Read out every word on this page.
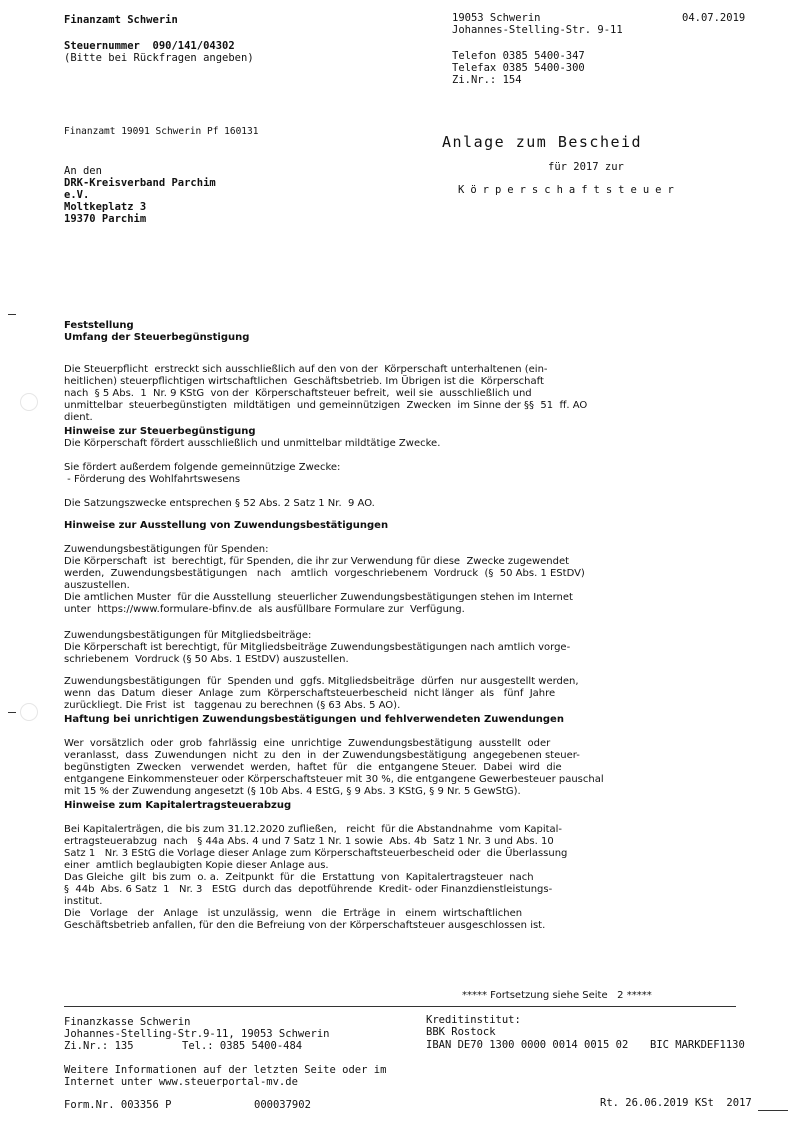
Finanzamt Schwerin
Steuernummer  090/141/04302
(Bitte bei Rückfragen angeben)
19053 Schwerin
Johannes-Stelling-Str. 9-11
04.07.2019
Telefon 0385 5400-347
Telefax 0385 5400-300
Zi.Nr.: 154
Finanzamt 19091 Schwerin Pf 160131
Anlage zum Bescheid
für 2017 zur
Körperschaftsteuer
An den
DRK-Kreisverband Parchim
e.V.
Moltkeplatz 3
19370 Parchim
Feststellung
Umfang der Steuerbegünstigung

Die Steuerpflicht  erstreckt sich ausschließlich auf den von der  Körperschaft unterhaltenen (ein-
heitlichen) steuerpflichtigen wirtschaftlichen  Geschäftsbetrieb. Im Übrigen ist die  Körperschaft
nach  § 5 Abs.  1  Nr. 9 KStG  von der  Körperschaftsteuer befreit,  weil sie  ausschließlich und
unmittelbar  steuerbegünstigten  mildtätigen  und gemeinnützigen  Zwecken  im Sinne der §§  51  ff. AO
dient.

Hinweise zur Steuerbegünstigung
Die Körperschaft fördert ausschließlich und unmittelbar mildtätige Zwecke.
Sie fördert außerdem folgende gemeinnützige Zwecke:
- Förderung des Wohlfahrtswesens
Die Satzungszwecke entsprechen § 52 Abs. 2 Satz 1 Nr.  9 AO.
Hinweise zur Ausstellung von Zuwendungsbestätigungen

Zuwendungsbestätigungen für Spenden:
Die Körperschaft  ist  berechtigt, für Spenden, die ihr zur Verwendung für diese  Zwecke zugewendet
werden,  Zuwendungsbestätigungen   nach   amtlich  vorgeschriebenem  Vordruck  (§  50 Abs. 1 EStDV)
auszustellen.
Die amtlichen Muster  für die Ausstellung  steuerlicher Zuwendungsbestätigungen stehen im Internet
unter  https://www.formulare-bfinv.de  als ausfüllbare Formulare zur  Verfügung.

Zuwendungsbestätigungen für Mitgliedsbeiträge:
Die Körperschaft ist berechtigt, für Mitgliedsbeiträge Zuwendungsbestätigungen nach amtlich vorge-
schriebenem  Vordruck (§ 50 Abs. 1 EStDV) auszustellen.

Zuwendungsbestätigungen  für  Spenden und  ggfs. Mitgliedsbeiträge  dürfen  nur ausgestellt werden,
wenn  das  Datum  dieser  Anlage  zum  Körperschaftsteuerbescheid  nicht länger  als   fünf  Jahre
zurückliegt. Die Frist  ist   taggenau zu berechnen (§ 63 Abs. 5 AO).

Haftung bei unrichtigen Zuwendungsbestätigungen und fehlverwendeten Zuwendungen

Wer  vorsätzlich  oder  grob  fahrlässig  eine  unrichtige  Zuwendungsbestätigung  ausstellt  oder
veranlasst,  dass  Zuwendungen  nicht  zu  den  in  der Zuwendungsbestätigung  angegebenen steuer-
begünstigten  Zwecken   verwendet  werden,  haftet  für   die  entgangene Steuer.  Dabei  wird  die
entgangene Einkommensteuer oder Körperschaftsteuer mit 30 %, die entgangene Gewerbesteuer pauschal
mit 15 % der Zuwendung angesetzt (§ 10b Abs. 4 EStG, § 9 Abs. 3 KStG, § 9 Nr. 5 GewStG).

Hinweise zum Kapitalertragsteuerabzug

Bei Kapitalerträgen, die bis zum 31.12.2020 zufließen,   reicht  für die Abstandnahme  vom Kapital-
ertragsteuerabzug  nach   § 44a Abs. 4 und 7 Satz 1 Nr. 1 sowie  Abs. 4b  Satz 1 Nr. 3 und Abs. 10
Satz 1   Nr. 3 EStG die Vorlage dieser Anlage zum Körperschaftsteuerbescheid oder  die Überlassung
einer  amtlich beglaubigten Kopie dieser Anlage aus.
Das Gleiche  gilt  bis zum  o. a.  Zeitpunkt  für  die  Erstattung  von  Kapitalertragsteuer  nach
§  44b  Abs. 6 Satz  1   Nr. 3   EStG  durch das  depotführende  Kredit- oder Finanzdienstleistungs-
institut.
Die   Vorlage   der   Anlage   ist unzulässig,  wenn   die  Erträge  in   einem  wirtschaftlichen
Geschäftsbetrieb anfallen, für den die Befreiung von der Körperschaftsteuer ausgeschlossen ist.

***** Fortsetzung siehe Seite   2 *****
Finanzkasse Schwerin
Johannes-Stelling-Str.9-11, 19053 Schwerin
Zi.Nr.: 135	Tel.: 0385 5400-484
Kreditinstitut:
BBK Rostock
IBAN DE70 1300 0000 0014 0015 02 BIC MARKDEF1130
Weitere Informationen auf der letzten Seite oder im
Internet unter www.steuerportal-mv.de
Form.Nr. 003356 P	000037902	Rt. 26.06.2019 KSt  2017
